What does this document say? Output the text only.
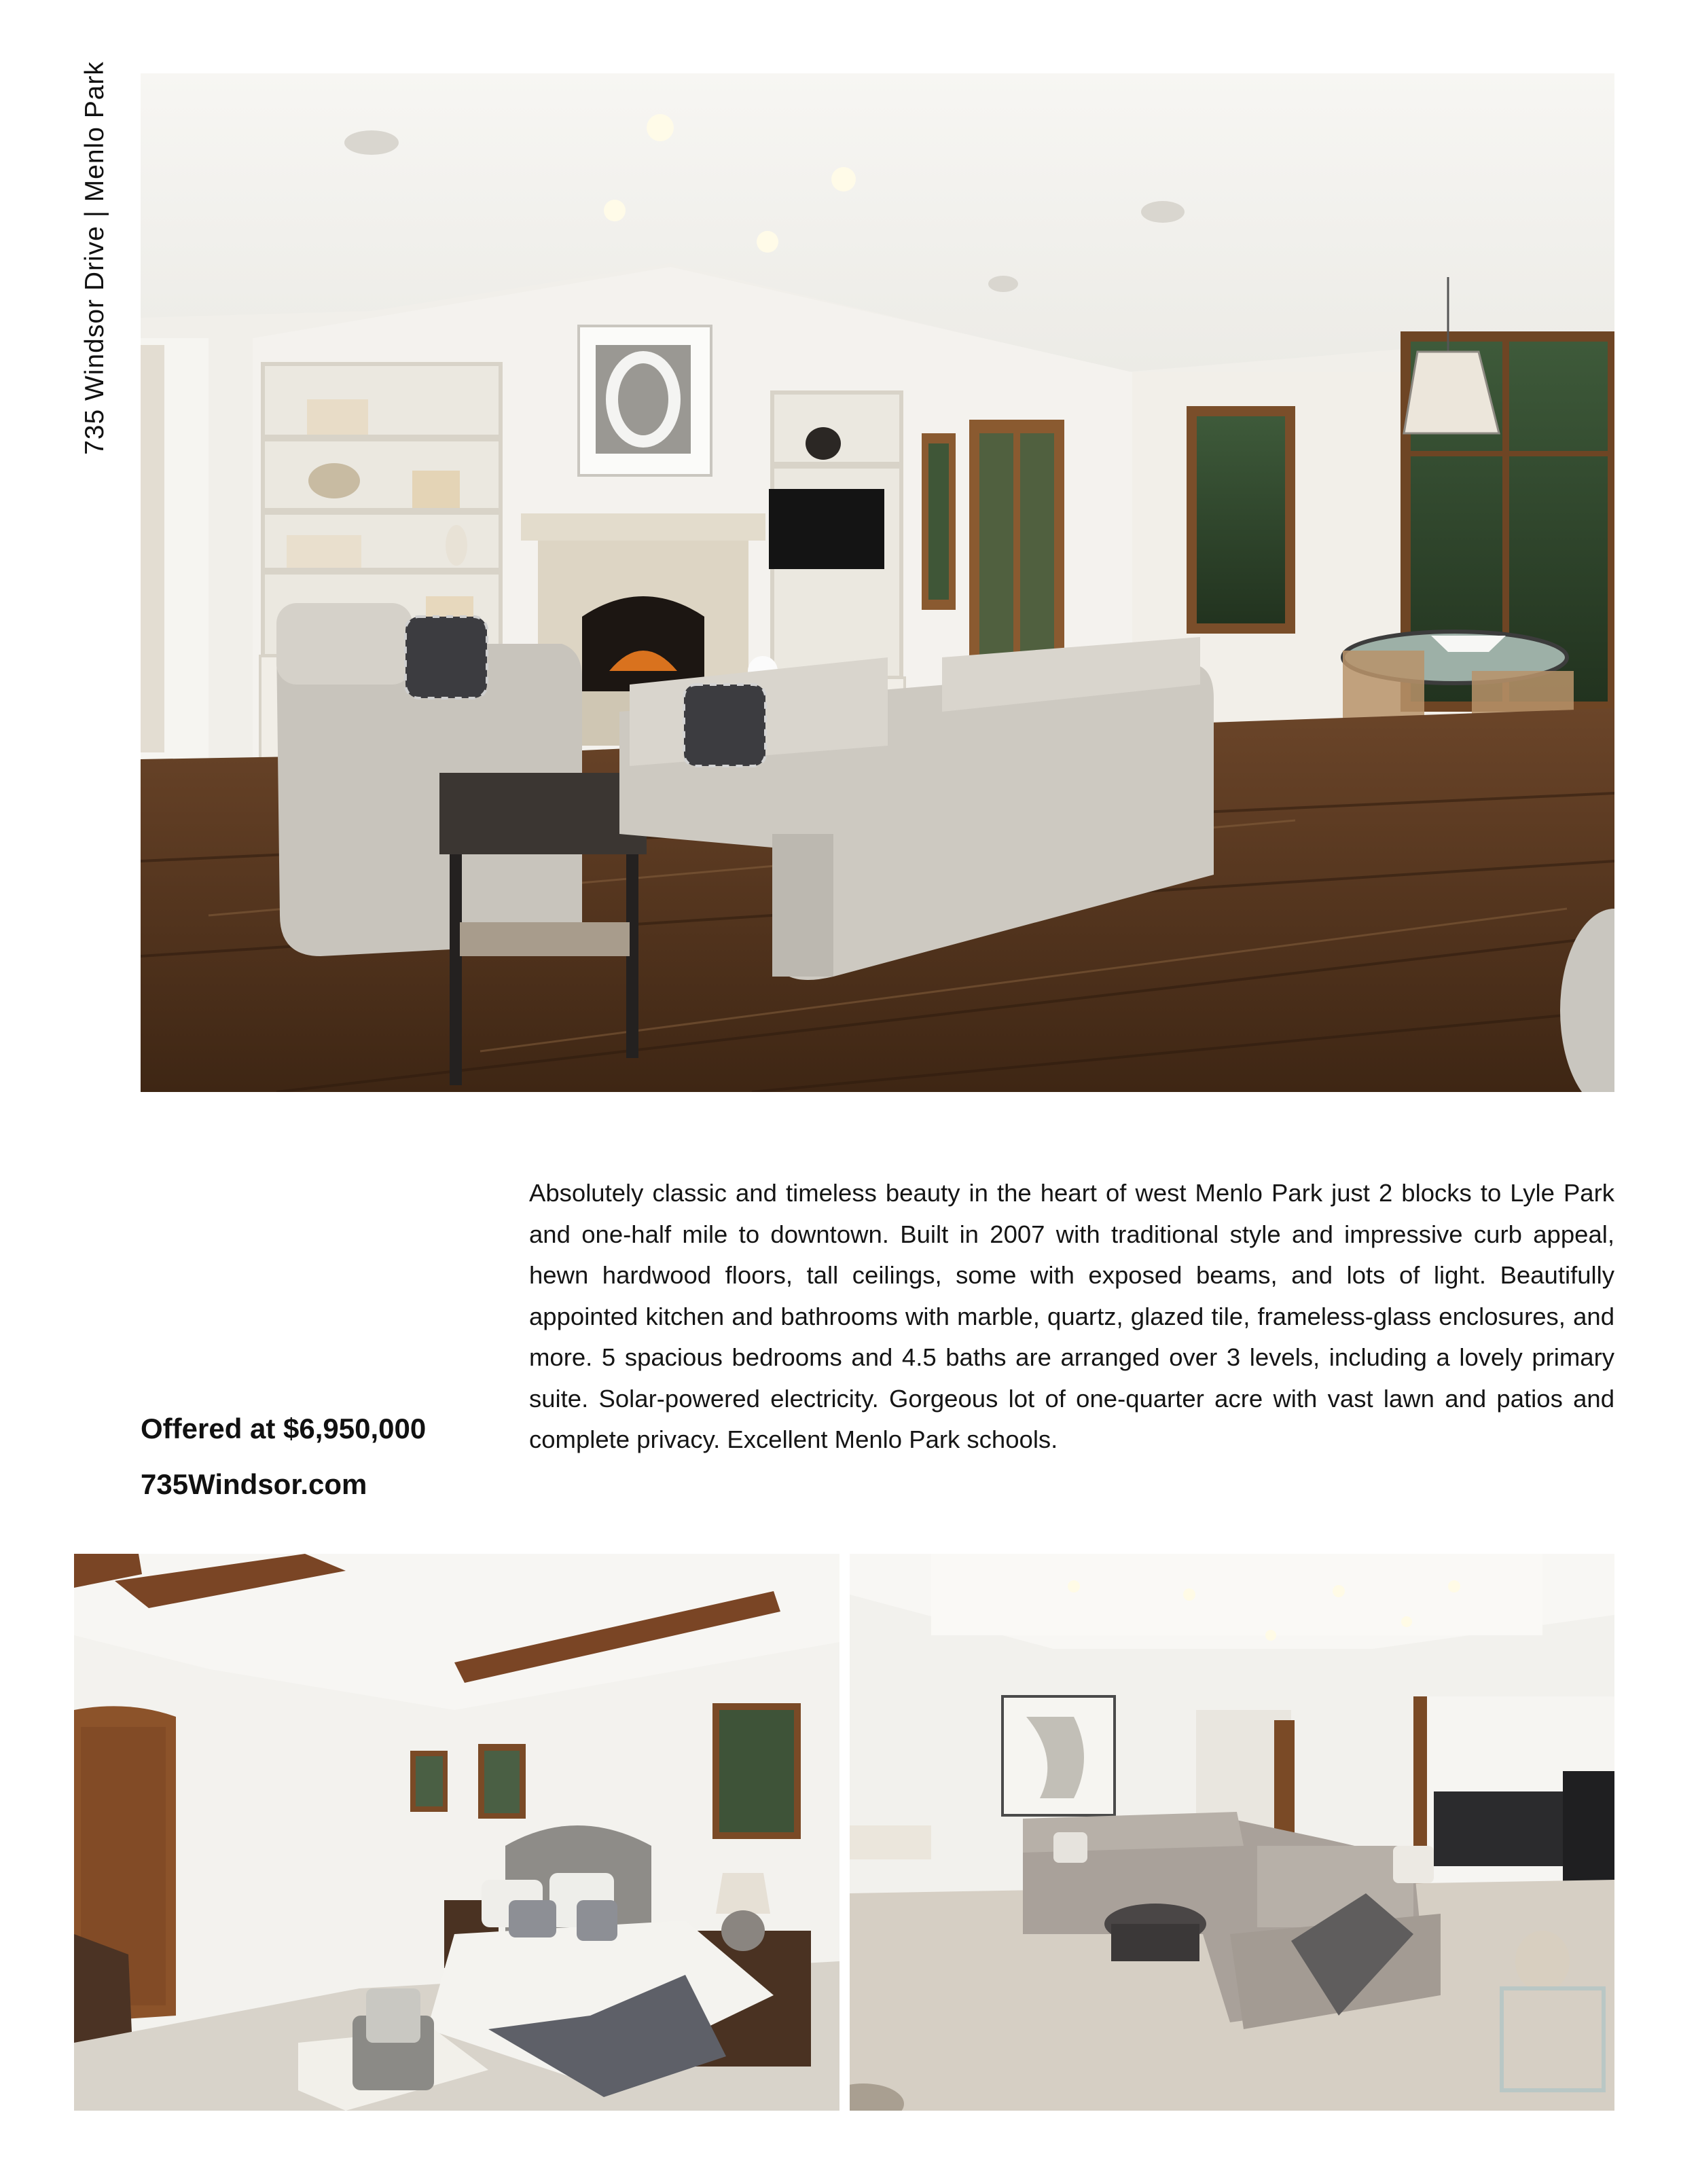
735 Windsor Drive | Menlo Park
Offered at $6,950,000
735Windsor.com
Absolutely classic and timeless beauty in the heart of west Menlo Park just 2 blocks to Lyle Park and one-half mile to downtown. Built in 2007 with traditional style and impressive curb appeal, hewn hardwood floors, tall ceilings, some with exposed beams, and lots of light. Beautifully appointed kitchen and bathrooms with marble, quartz, glazed tile, frameless-glass enclosures, and more. 5 spacious bedrooms and 4.5 baths are arranged over 3 levels, including a lovely primary suite. Solar-powered electricity. Gorgeous lot of one-quarter acre with vast lawn and patios and complete privacy. Excellent Menlo Park schools.
